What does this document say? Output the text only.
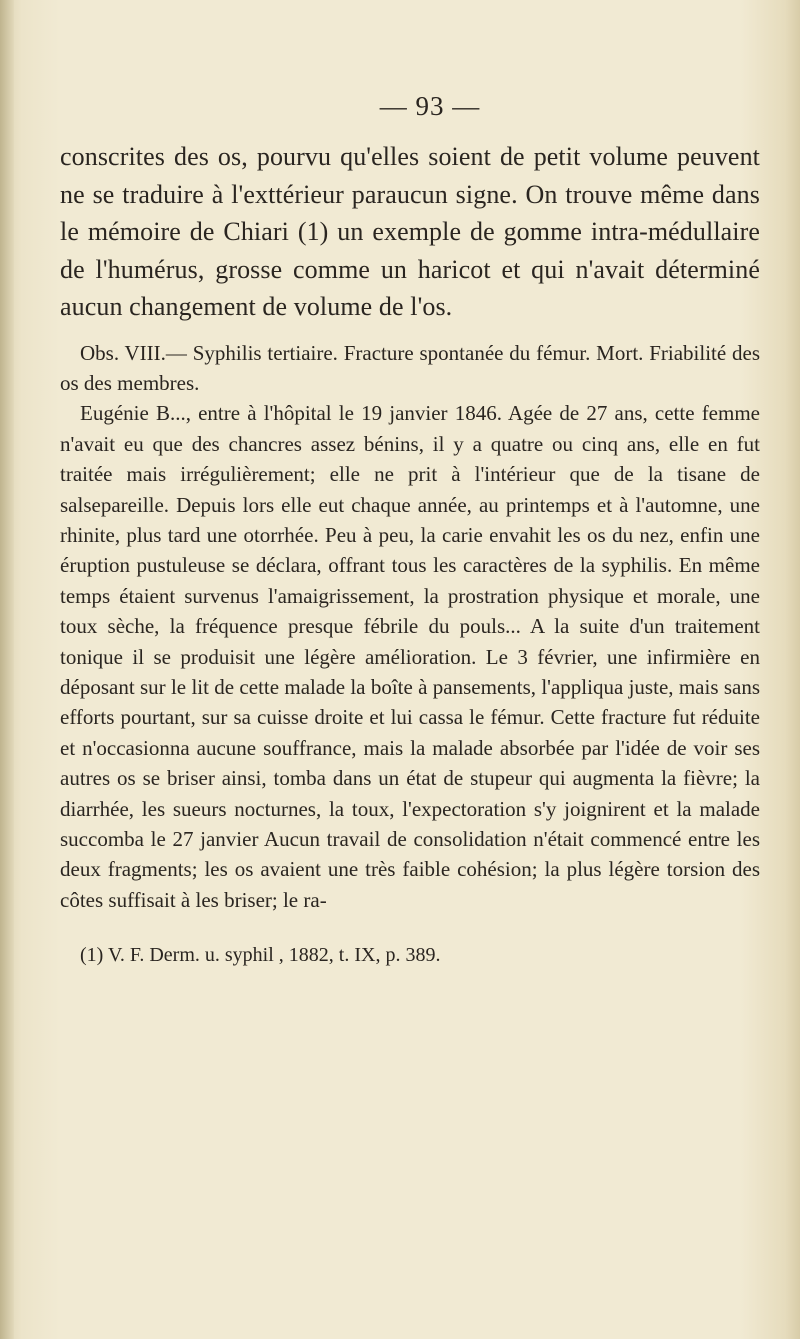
— 93 —

conscrites des os, pourvu qu'elles soient de petit volume peuvent ne se traduire à l'exttérieur paraucun signe. On trouve même dans le mémoire de Chiari (1) un exemple de gomme intra-médullaire de l'humérus, grosse comme un haricot et qui n'avait déterminé aucun changement de volume de l'os.

Obs. VIII.— Syphilis tertiaire. Fracture spontanée du fémur. Mort. Friabilité des os des membres.

Eugénie B..., entre à l'hôpital le 19 janvier 1846. Agée de 27 ans, cette femme n'avait eu que des chancres assez bénins, il y a quatre ou cinq ans, elle en fut traitée mais irrégulièrement; elle ne prit à l'intérieur que de la tisane de salsepareille. Depuis lors elle eut chaque année, au printemps et à l'automne, une rhinite, plus tard une otorrhée. Peu à peu, la carie envahit les os du nez, enfin une éruption pustuleuse se déclara, offrant tous les caractères de la syphilis. En même temps étaient survenus l'amaigrissement, la prostration physique et morale, une toux sèche, la fréquence presque fébrile du pouls... A la suite d'un traitement tonique il se produisit une légère amélioration. Le 3 février, une infirmière en déposant sur le lit de cette malade la boîte à pansements, l'appliqua juste, mais sans efforts pourtant, sur sa cuisse droite et lui cassa le fémur. Cette fracture fut réduite et n'occasionna aucune souffrance, mais la malade absorbée par l'idée de voir ses autres os se briser ainsi, tomba dans un état de stupeur qui augmenta la fièvre; la diarrhée, les sueurs nocturnes, la toux, l'expectoration s'y joignirent et la malade succomba le 27 janvier Aucun travail de consolidation n'était commencé entre les deux fragments; les os avaient une très faible cohésion; la plus légère torsion des côtes suffisait à les briser; le ra-

(1) V. F. Derm. u. syphil , 1882, t. IX, p. 389.
